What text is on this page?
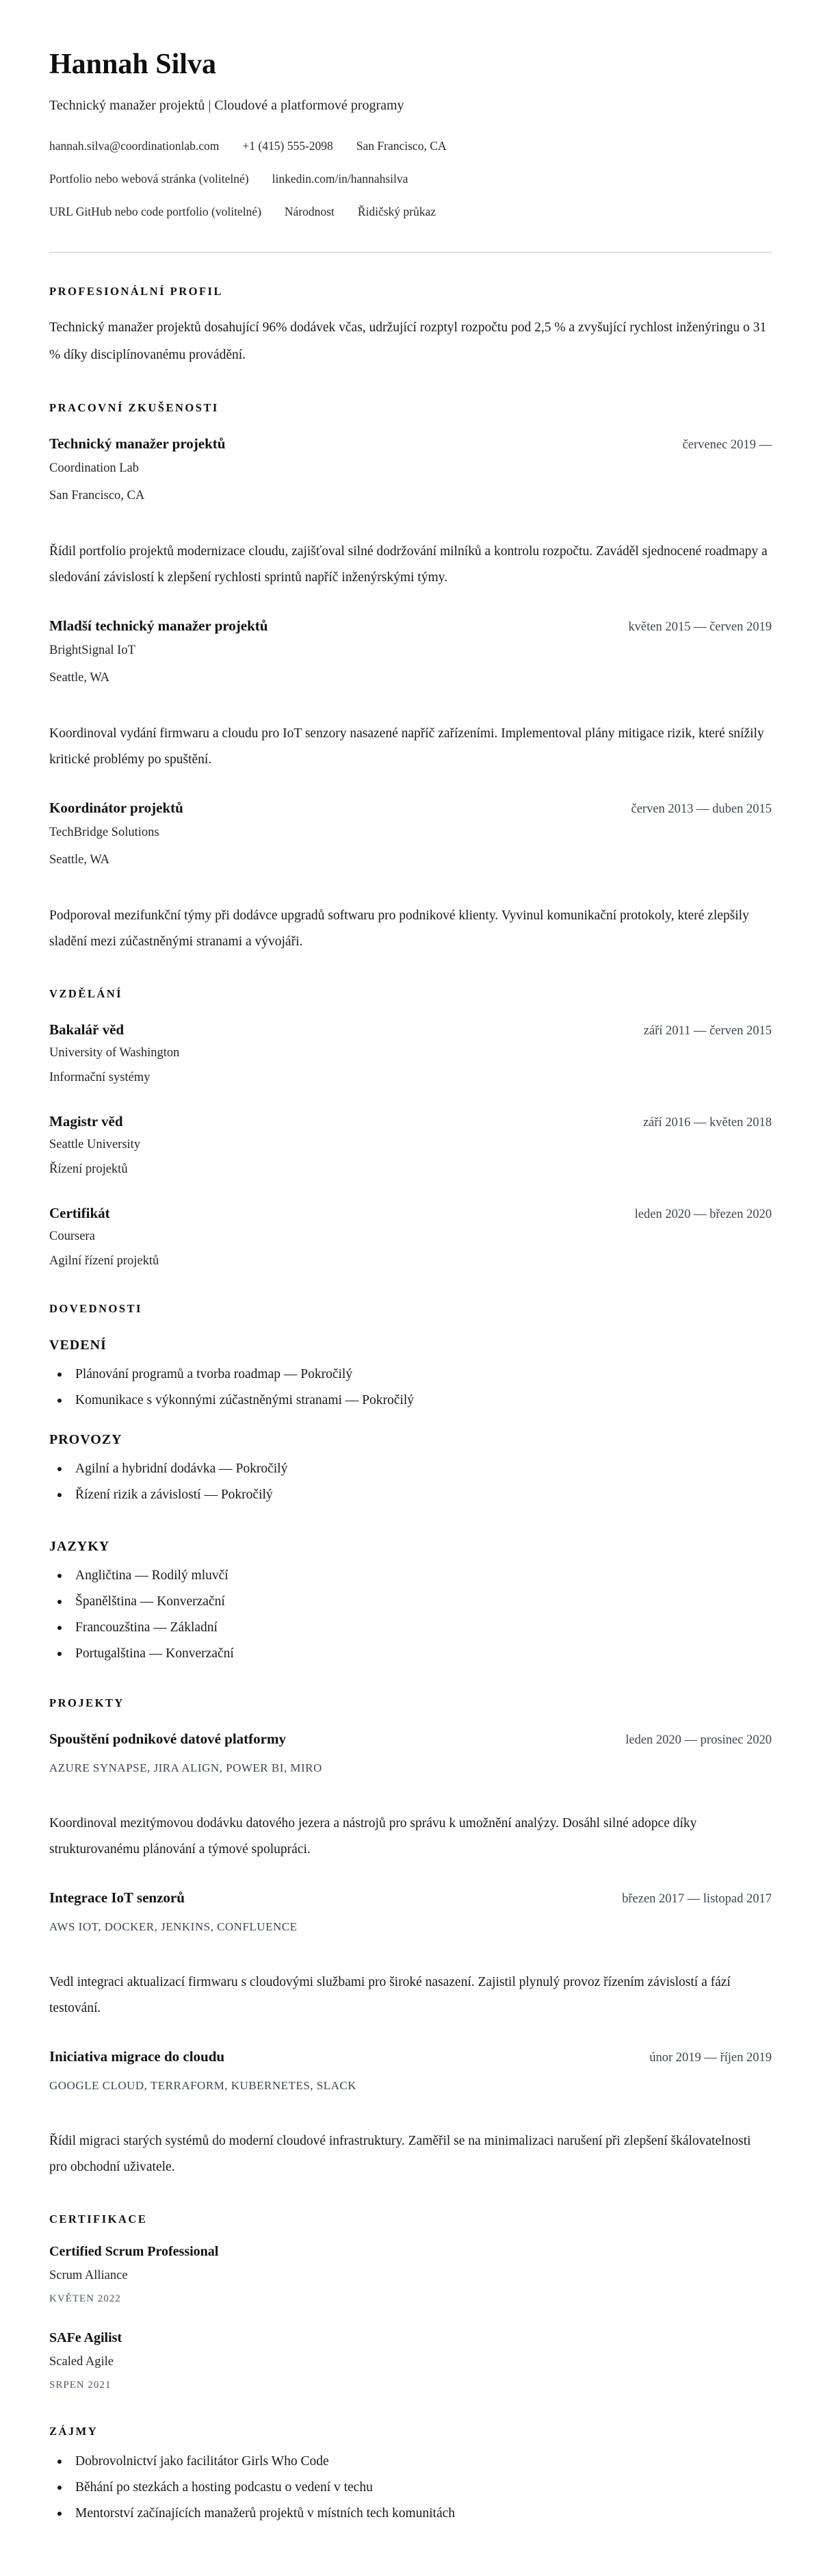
Hannah Silva
Technický manažer projektů | Cloudové a platformové programy
hannah.silva@coordinationlab.com +1 (415) 555-2098 San Francisco, CA
Portfolio nebo webová stránka (volitelné) linkedin.com/in/hannahsilva
URL GitHub nebo code portfolio (volitelné) Národnost Řidičský průkaz
PROFESIONÁLNÍ PROFIL

Technický manažer projektů dosahující 96% dodávek včas, udržující rozptyl rozpočtu pod 2,5 % a zvyšující rychlost inženýringu o 31 % díky disciplínovanému provádění.

PRACOVNÍ ZKUŠENOSTI
Technický manažer projektů	červenec 2019 —
Coordination Lab
San Francisco, CA

Řídil portfolio projektů modernizace cloudu, zajišťoval silné dodržování milníků a kontrolu rozpočtu. Zaváděl sjednocené roadmapy a sledování závislostí k zlepšení rychlosti sprintů napříč inženýrskými týmy.

Mladší technický manažer projektů	květen 2015 — červen 2019
BrightSignal IoT
Seattle, WA

Koordinoval vydání firmwaru a cloudu pro IoT senzory nasazené napříč zařízeními. Implementoval plány mitigace rizik, které snížily kritické problémy po spuštění.

Koordinátor projektů	červen 2013 — duben 2015
TechBridge Solutions
Seattle, WA

Podporoval mezifunkční týmy při dodávce upgradů softwaru pro podnikové klienty. Vyvinul komunikační protokoly, které zlepšily sladění mezi zúčastněnými stranami a vývojáři.

VZDĚLÁNÍ
Bakalář věd	září 2011 — červen 2015
University of Washington
Informační systémy
Magistr věd	září 2016 — květen 2018
Seattle University
Řízení projektů
Certifikát	leden 2020 — březen 2020
Coursera
Agilní řízení projektů
DOVEDNOSTI
VEDENÍ
Plánování programů a tvorba roadmap — Pokročilý
Komunikace s výkonnými zúčastněnými stranami — Pokročilý
PROVOZY
Agilní a hybridní dodávka — Pokročilý
Řízení rizik a závislostí — Pokročilý
JAZYKY
Angličtina — Rodilý mluvčí
Španělština — Konverzační
Francouzština — Základní
Portugalština — Konverzační
PROJEKTY
Spouštění podnikové datové platformy	leden 2020 — prosinec 2020
AZURE SYNAPSE, JIRA ALIGN, POWER BI, MIRO

Koordinoval mezitýmovou dodávku datového jezera a nástrojů pro správu k umožnění analýzy. Dosáhl silné adopce díky strukturovanému plánování a týmové spolupráci.

Integrace IoT senzorů	březen 2017 — listopad 2017
AWS IOT, DOCKER, JENKINS, CONFLUENCE

Vedl integraci aktualizací firmwaru s cloudovými službami pro široké nasazení. Zajistil plynulý provoz řízením závislostí a fází testování.

Iniciativa migrace do cloudu	únor 2019 — říjen 2019
GOOGLE CLOUD, TERRAFORM, KUBERNETES, SLACK

Řídil migraci starých systémů do moderní cloudové infrastruktury. Zaměřil se na minimalizaci narušení při zlepšení škálovatelnosti pro obchodní uživatele.

CERTIFIKACE
Certified Scrum Professional
Scrum Alliance
KVĚTEN 2022
SAFe Agilist
Scaled Agile
SRPEN 2021
ZÁJMY
Dobrovolnictví jako facilitátor Girls Who Code
Běhání po stezkách a hosting podcastu o vedení v techu
Mentorství začínajících manažerů projektů v místních tech komunitách
